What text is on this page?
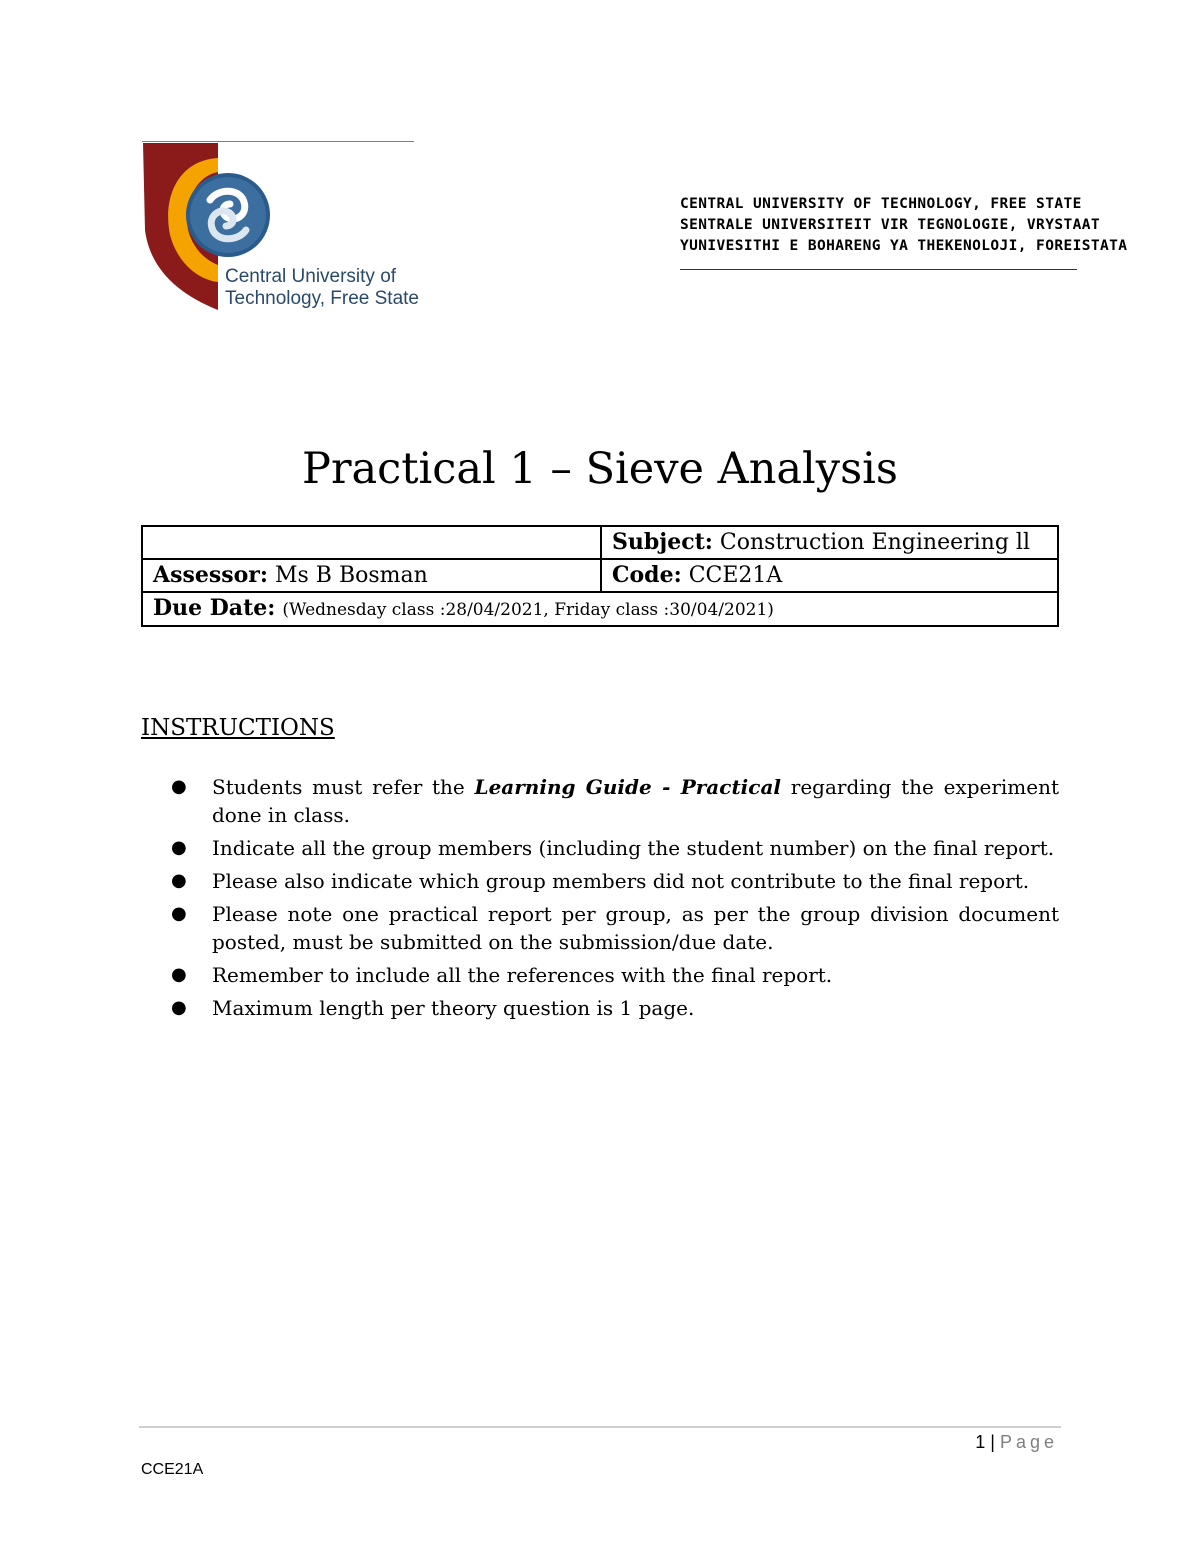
Central University of
Technology, Free State
CENTRAL UNIVERSITY OF TECHNOLOGY, FREE STATE
SENTRALE UNIVERSITEIT VIR TEGNOLOGIE, VRYSTAAT
YUNIVESITHI E BOHARENG YA THEKENOLOJI, FOREISTATA
Practical 1 – Sieve Analysis
	Subject: Construction Engineering ll
Assessor: Ms B Bosman	Code: CCE21A
Due Date: (Wednesday class :28/04/2021, Friday class :30/04/2021)	
INSTRUCTIONS
● Students must refer the Learning Guide - Practical regarding the experiment done in class.
● Indicate all the group members (including the student number) on the final report.
● Please also indicate which group members did not contribute to the final report.
● Please note one practical report per group, as per the group division document posted, must be submitted on the submission/due date.
● Remember to include all the references with the final report.
● Maximum length per theory question is 1 page.
1 | Page
CCE21A
